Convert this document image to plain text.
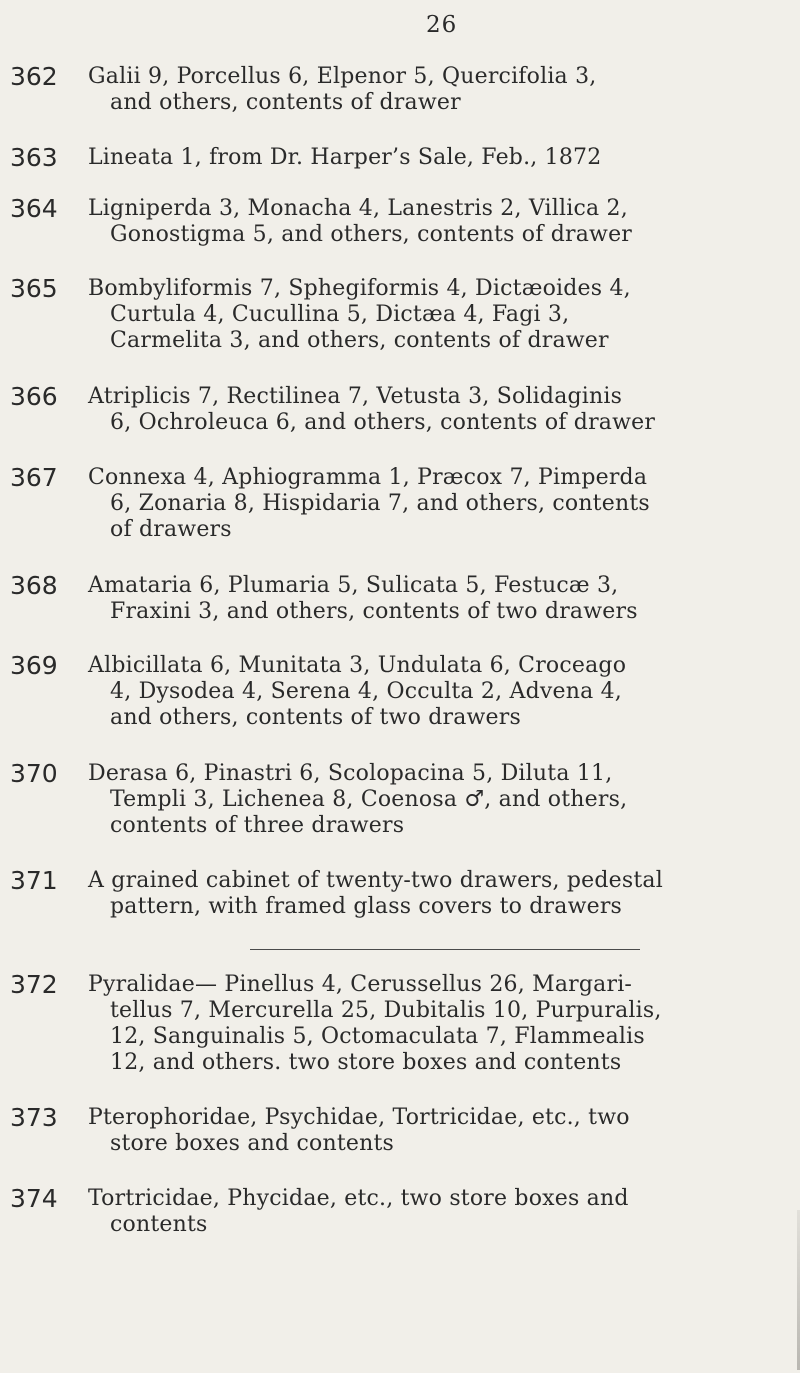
26
362	Galii 9, Porcellus 6, Elpenor 5, Quercifolia 3,
and others, contents of drawer
363	Lineata 1, from Dr. Harper’s Sale, Feb., 1872
364	Ligniperda 3, Monacha 4, Lanestris 2, Villica 2,
Gonostigma 5, and others, contents of drawer
365	Bombyliformis 7, Sphegiformis 4, Dictæoides 4,
Curtula 4, Cucullina 5, Dictæa 4, Fagi 3,
Carmelita 3, and others, contents of drawer
366	Atriplicis 7, Rectilinea 7, Vetusta 3, Solidaginis
6, Ochroleuca 6, and others, contents of drawer
367	Connexa 4, Aphiogramma 1, Præcox 7, Pimperda
6, Zonaria 8, Hispidaria 7, and others, contents
of drawers
368	Amataria 6, Plumaria 5, Sulicata 5, Festucæ 3,
Fraxini 3, and others, contents of two drawers
369	Albicillata 6, Munitata 3, Undulata 6, Croceago
4, Dysodea 4, Serena 4, Occulta 2, Advena 4,
and others, contents of two drawers
370	Derasa 6, Pinastri 6, Scolopacina 5, Diluta 11,
Templi 3, Lichenea 8, Coenosa ♂, and others,
contents of three drawers
371	A grained cabinet of twenty-two drawers, pedestal
pattern, with framed glass covers to drawers
372	Pyralidae— Pinellus 4, Cerussellus 26, Margari-
tellus 7, Mercurella 25, Dubitalis 10, Purpuralis,
12, Sanguinalis 5, Octomaculata 7, Flammealis
12, and others. two store boxes and contents
373	Pterophoridae, Psychidae, Tortricidae, etc., two
store boxes and contents
374	Tortricidae, Phycidae, etc., two store boxes and
contents
